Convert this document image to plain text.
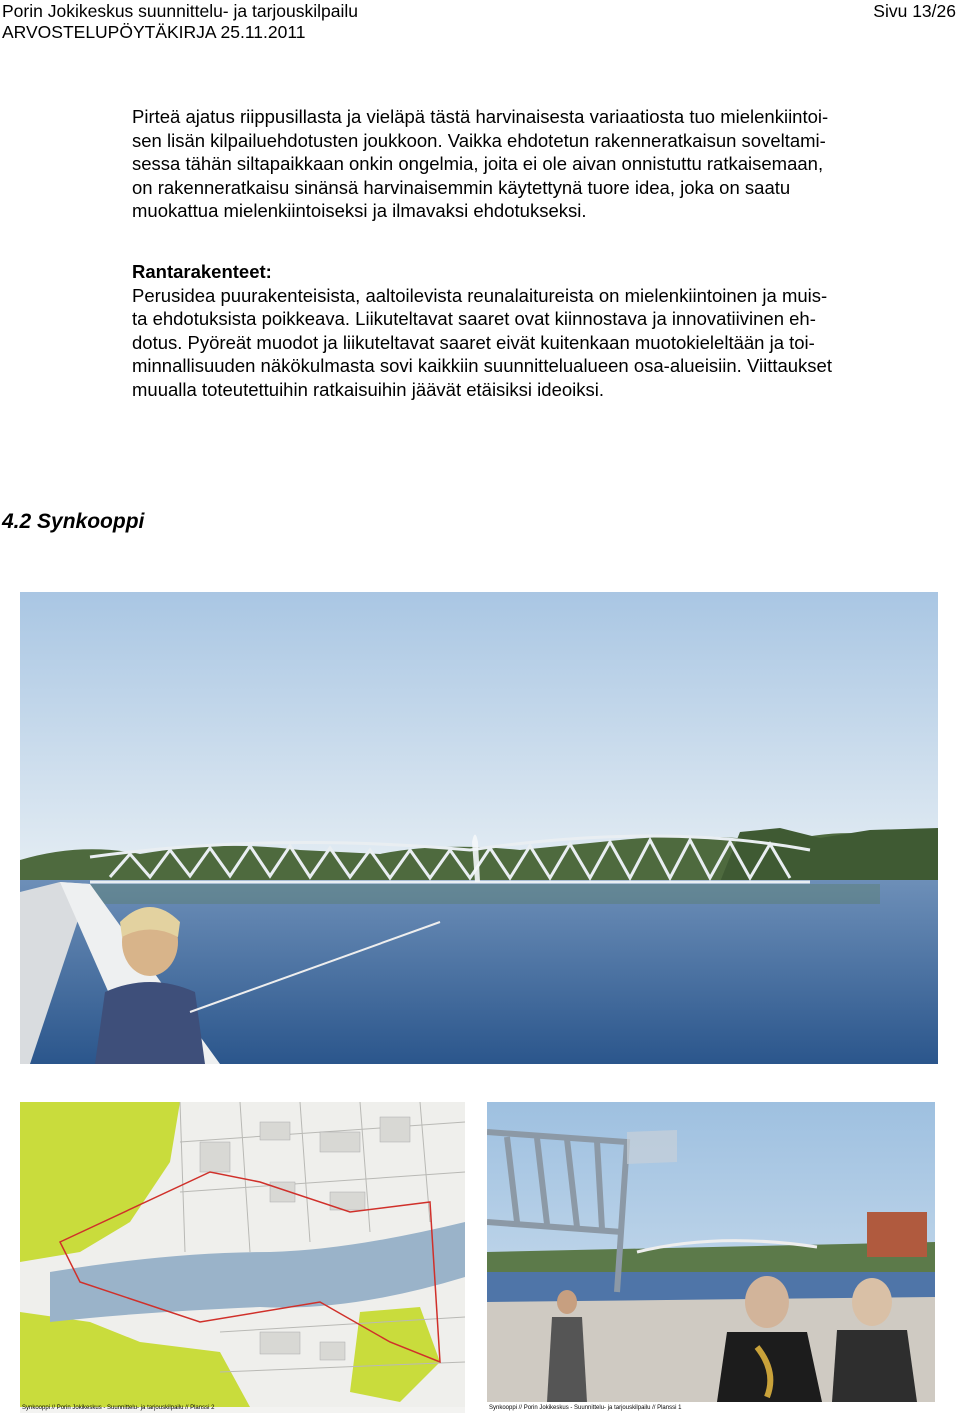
Porin Jokikeskus suunnittelu- ja tarjouskilpailu	Sivu 13/26
ARVOSTELUPÖYTÄKIRJA 25.11.2011
Pirteä ajatus riippusillasta ja vieläpä tästä harvinaisesta variaatiosta tuo mielenkiintoi-
sen lisän kilpailuehdotusten joukkoon. Vaikka ehdotetun rakenneratkaisun soveltami-
sessa tähän siltapaikkaan onkin ongelmia, joita ei ole aivan onnistuttu ratkaisemaan,
on rakenneratkaisu sinänsä harvinaisemmin käytettynä tuore idea, joka on saatu
muokattua mielenkiintoiseksi ja ilmavaksi ehdotukseksi.
Rantarakenteet:
Perusidea puurakenteisista, aaltoilevista reunalaitureista on mielenkiintoinen ja muis-
ta ehdotuksista poikkeava. Liikuteltavat saaret ovat kiinnostava ja innovatiivinen eh-
dotus. Pyöreät muodot ja liikuteltavat saaret eivät kuitenkaan muotokieleltään ja toi-
minnallisuuden näkökulmasta sovi kaikkiin suunnittelualueen osa-alueisiin. Viittaukset
muualla toteutettuihin ratkaisuihin jäävät etäisiksi ideoiksi.
4.2 Synkooppi
Synkooppi // Porin Jokikeskus - Suunnittelu- ja tarjouskilpailu // Planssi 2	Synkooppi // Porin Jokikeskus - Suunnittelu- ja tarjouskilpailu // Planssi 1
